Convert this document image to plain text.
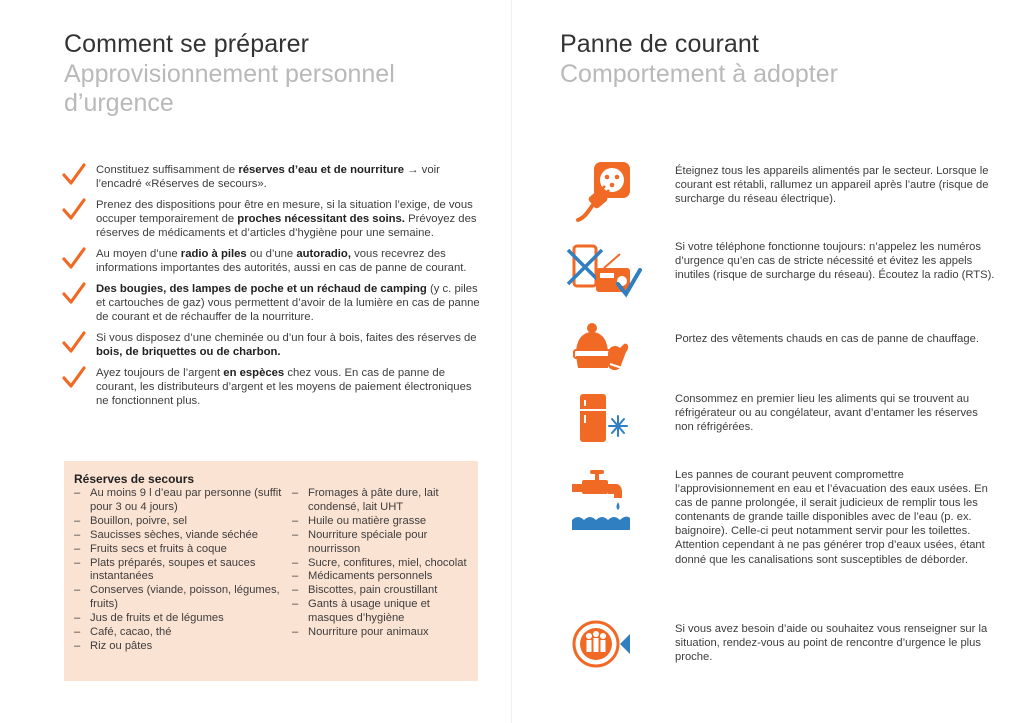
Comment se préparer
Approvisionnement personnel d’urgence
Constituez suffisamment de réserves d’eau et de nourriture → voir l’encadré «Réserves de secours».
Prenez des dispositions pour être en mesure, si la situation l’exige, de vous occuper temporairement de proches nécessitant des soins. Prévoyez des réserves de médicaments et d’articles d’hygiène pour une semaine.
Au moyen d’une radio à piles ou d’une autoradio, vous recevrez des informations importantes des autorités, aussi en cas de panne de courant.
Des bougies, des lampes de poche et un réchaud de camping (y c. piles et cartouches de gaz) vous permettent d’avoir de la lumière en cas de panne de courant et de réchauffer de la nourriture.
Si vous disposez d’une cheminée ou d’un four à bois, faites des réserves de bois, de briquettes ou de charbon.
Ayez toujours de l’argent en espèces chez vous. En cas de panne de courant, les distributeurs d’argent et les moyens de paiement électroniques ne fonctionnent plus.
Réserves de secours
– Au moins 9 l d’eau par personne (suffit pour 3 ou 4 jours)
– Bouillon, poivre, sel
– Saucisses sèches, viande séchée
– Fruits secs et fruits à coque
– Plats préparés, soupes et sauces instantanées
– Conserves (viande, poisson, légumes, fruits)
– Jus de fruits et de légumes
– Café, cacao, thé
– Riz ou pâtes
– Fromages à pâte dure, lait condensé, lait UHT
– Huile ou matière grasse
– Nourriture spéciale pour nourrisson
– Sucre, confitures, miel, chocolat
– Médicaments personnels
– Biscottes, pain croustillant
– Gants à usage unique et masques d’hygiène
– Nourriture pour animaux
Panne de courant
Comportement à adopter

Éteignez tous les appareils alimentés par le secteur. Lorsque le courant est rétabli, rallumez un appareil après l’autre (risque de surcharge du réseau électrique).

Si votre téléphone fonctionne toujours: n’appelez les numéros d’urgence qu’en cas de stricte nécessité et évitez les appels inutiles (risque de surcharge du réseau). Écoutez la radio (RTS).

Portez des vêtements chauds en cas de panne de chauffage.

Consommez en premier lieu les aliments qui se trouvent au réfrigérateur ou au congélateur, avant d’entamer les réserves non réfrigérées.

Les pannes de courant peuvent compromettre l’approvisionnement en eau et l’évacuation des eaux usées. En cas de panne prolongée, il serait judicieux de remplir tous les contenants de grande taille disponibles avec de l’eau (p. ex. baignoire). Celle-ci peut notamment servir pour les toilettes. Attention cependant à ne pas générer trop d’eaux usées, étant donné que les canalisations sont susceptibles de déborder.

Si vous avez besoin d’aide ou souhaitez vous renseigner sur la situation, rendez-vous au point de rencontre d’urgence le plus proche.
